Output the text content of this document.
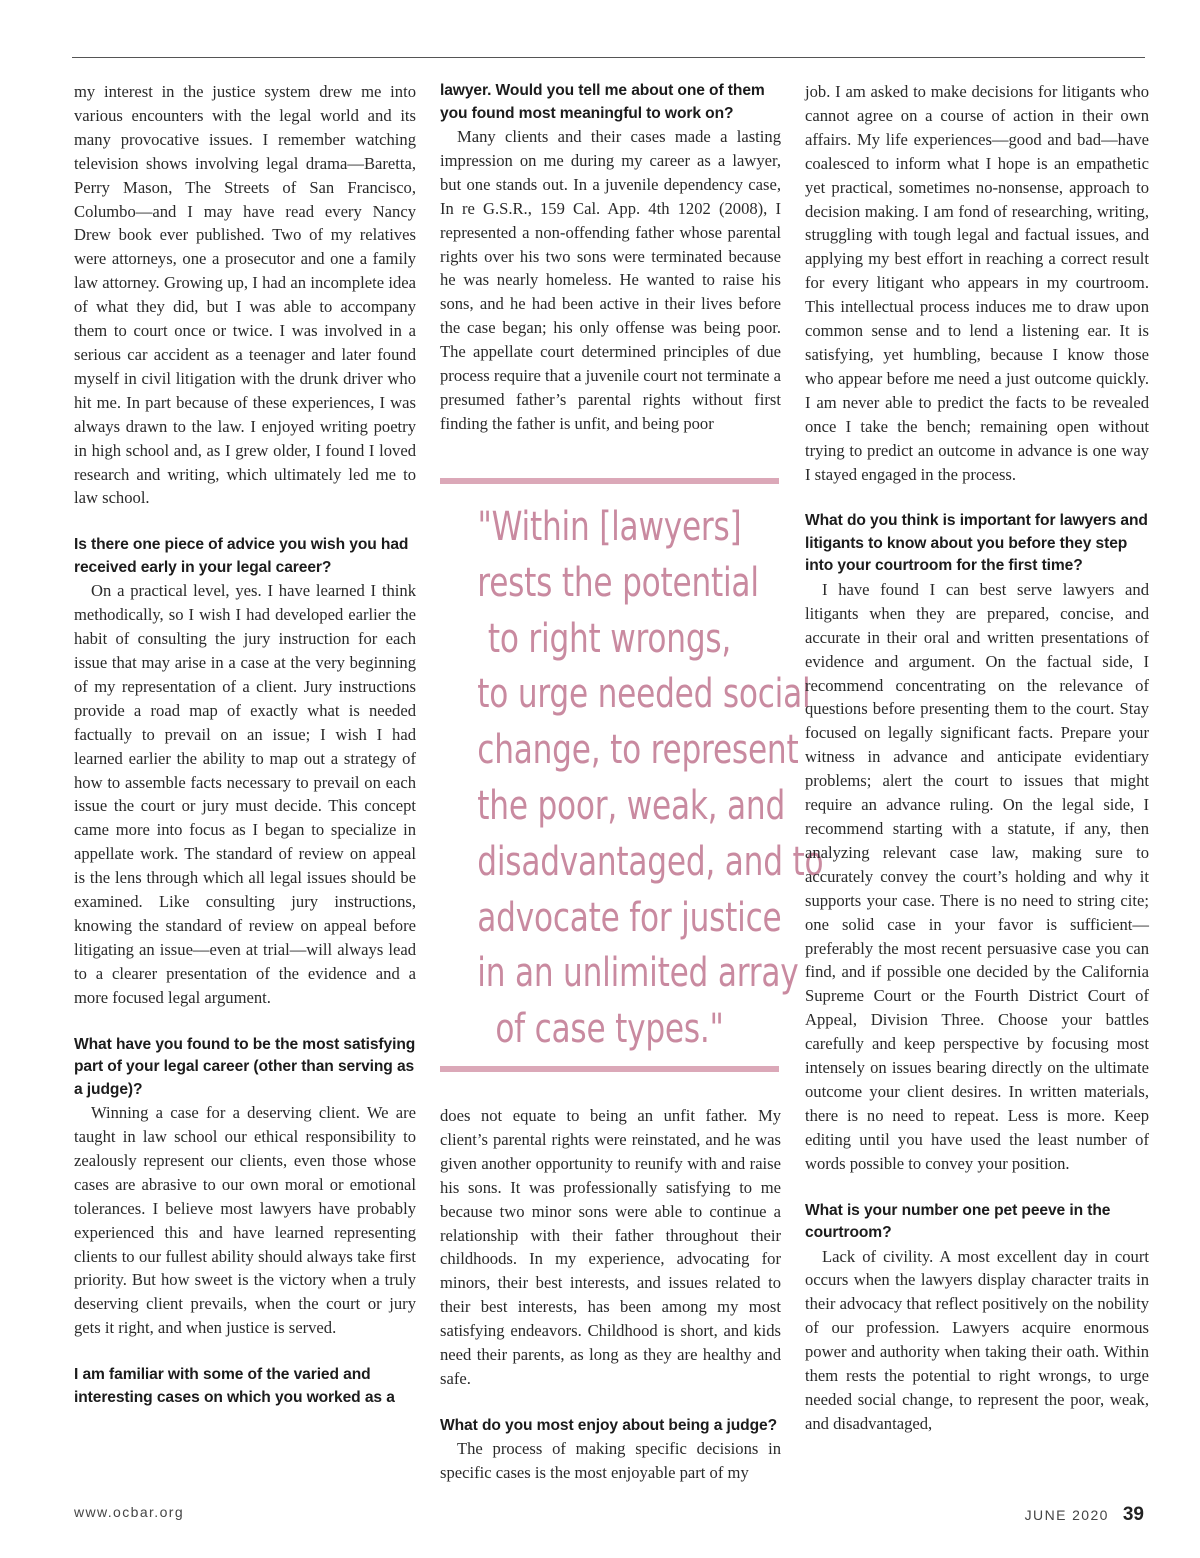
my interest in the justice system drew me into various encounters with the legal world and its many provocative issues. I remember watching television shows involving legal drama—Baretta, Perry Mason, The Streets of San Francisco, Columbo—and I may have read every Nancy Drew book ever published. Two of my relatives were attorneys, one a prosecutor and one a family law attorney. Growing up, I had an incomplete idea of what they did, but I was able to accompany them to court once or twice. I was involved in a serious car accident as a teenager and later found myself in civil litigation with the drunk driver who hit me. In part because of these experiences, I was always drawn to the law. I enjoyed writing poetry in high school and, as I grew older, I found I loved research and writing, which ultimately led me to law school.

Is there one piece of advice you wish you had received early in your legal career?

On a practical level, yes. I have learned I think methodically, so I wish I had developed earlier the habit of consulting the jury instruction for each issue that may arise in a case at the very beginning of my representation of a client. Jury instructions provide a road map of exactly what is needed factually to prevail on an issue; I wish I had learned earlier the ability to map out a strategy of how to assemble facts necessary to prevail on each issue the court or jury must decide. This concept came more into focus as I began to specialize in appellate work. The standard of review on appeal is the lens through which all legal issues should be examined. Like consulting jury instructions, knowing the standard of review on appeal before litigating an issue—even at trial—will always lead to a clearer presentation of the evidence and a more focused legal argument.

What have you found to be the most satisfying part of your legal career (other than serving as a judge)?

Winning a case for a deserving client. We are taught in law school our ethical responsibility to zealously represent our clients, even those whose cases are abrasive to our own moral or emotional tolerances. I believe most lawyers have probably experienced this and have learned representing clients to our fullest ability should always take first priority. But how sweet is the victory when a truly deserving client prevails, when the court or jury gets it right, and when justice is served.

I am familiar with some of the varied and interesting cases on which you worked as a
lawyer. Would you tell me about one of them you found most meaningful to work on?

Many clients and their cases made a lasting impression on me during my career as a lawyer, but one stands out. In a juvenile dependency case, In re G.S.R., 159 Cal. App. 4th 1202 (2008), I represented a non-offending father whose parental rights over his two sons were terminated because he was nearly homeless. He wanted to raise his sons, and he had been active in their lives before the case began; his only offense was being poor. The appellate court determined principles of due process require that a juvenile court not terminate a presumed father’s parental rights without first finding the father is unfit, and being poor

"Within [lawyers]
rests the potential
to right wrongs,
to urge needed social
change, to represent
the poor, weak, and
disadvantaged, and to
advocate for justice
in an unlimited array
of case types."

does not equate to being an unfit father. My client’s parental rights were reinstated, and he was given another opportunity to reunify with and raise his sons. It was professionally satisfying to me because two minor sons were able to continue a relationship with their father throughout their childhoods. In my experience, advocating for minors, their best interests, and issues related to their best interests, has been among my most satisfying endeavors. Childhood is short, and kids need their parents, as long as they are healthy and safe.

What do you most enjoy about being a judge?

The process of making specific decisions in specific cases is the most enjoyable part of my

job. I am asked to make decisions for litigants who cannot agree on a course of action in their own affairs. My life experiences—good and bad—have coalesced to inform what I hope is an empathetic yet practical, sometimes no-nonsense, approach to decision making. I am fond of researching, writing, struggling with tough legal and factual issues, and applying my best effort in reaching a correct result for every litigant who appears in my courtroom. This intellectual process induces me to draw upon common sense and to lend a listening ear. It is satisfying, yet humbling, because I know those who appear before me need a just outcome quickly. I am never able to predict the facts to be revealed once I take the bench; remaining open without trying to predict an outcome in advance is one way I stayed engaged in the process.

What do you think is important for lawyers and litigants to know about you before they step into your courtroom for the first time?

I have found I can best serve lawyers and litigants when they are prepared, concise, and accurate in their oral and written presentations of evidence and argument. On the factual side, I recommend concentrating on the relevance of questions before presenting them to the court. Stay focused on legally significant facts. Prepare your witness in advance and anticipate evidentiary problems; alert the court to issues that might require an advance ruling. On the legal side, I recommend starting with a statute, if any, then analyzing relevant case law, making sure to accurately convey the court’s holding and why it supports your case. There is no need to string cite; one solid case in your favor is sufficient—preferably the most recent persuasive case you can find, and if possible one decided by the California Supreme Court or the Fourth District Court of Appeal, Division Three. Choose your battles carefully and keep perspective by focusing most intensely on issues bearing directly on the ultimate outcome your client desires. In written materials, there is no need to repeat. Less is more. Keep editing until you have used the least number of words possible to convey your position.

What is your number one pet peeve in the courtroom?

Lack of civility. A most excellent day in court occurs when the lawyers display character traits in their advocacy that reflect positively on the nobility of our profession. Lawyers acquire enormous power and authority when taking their oath. Within them rests the potential to right wrongs, to urge needed social change, to represent the poor, weak, and disadvantaged,

www.ocbar.org	JUNE 2020 39
